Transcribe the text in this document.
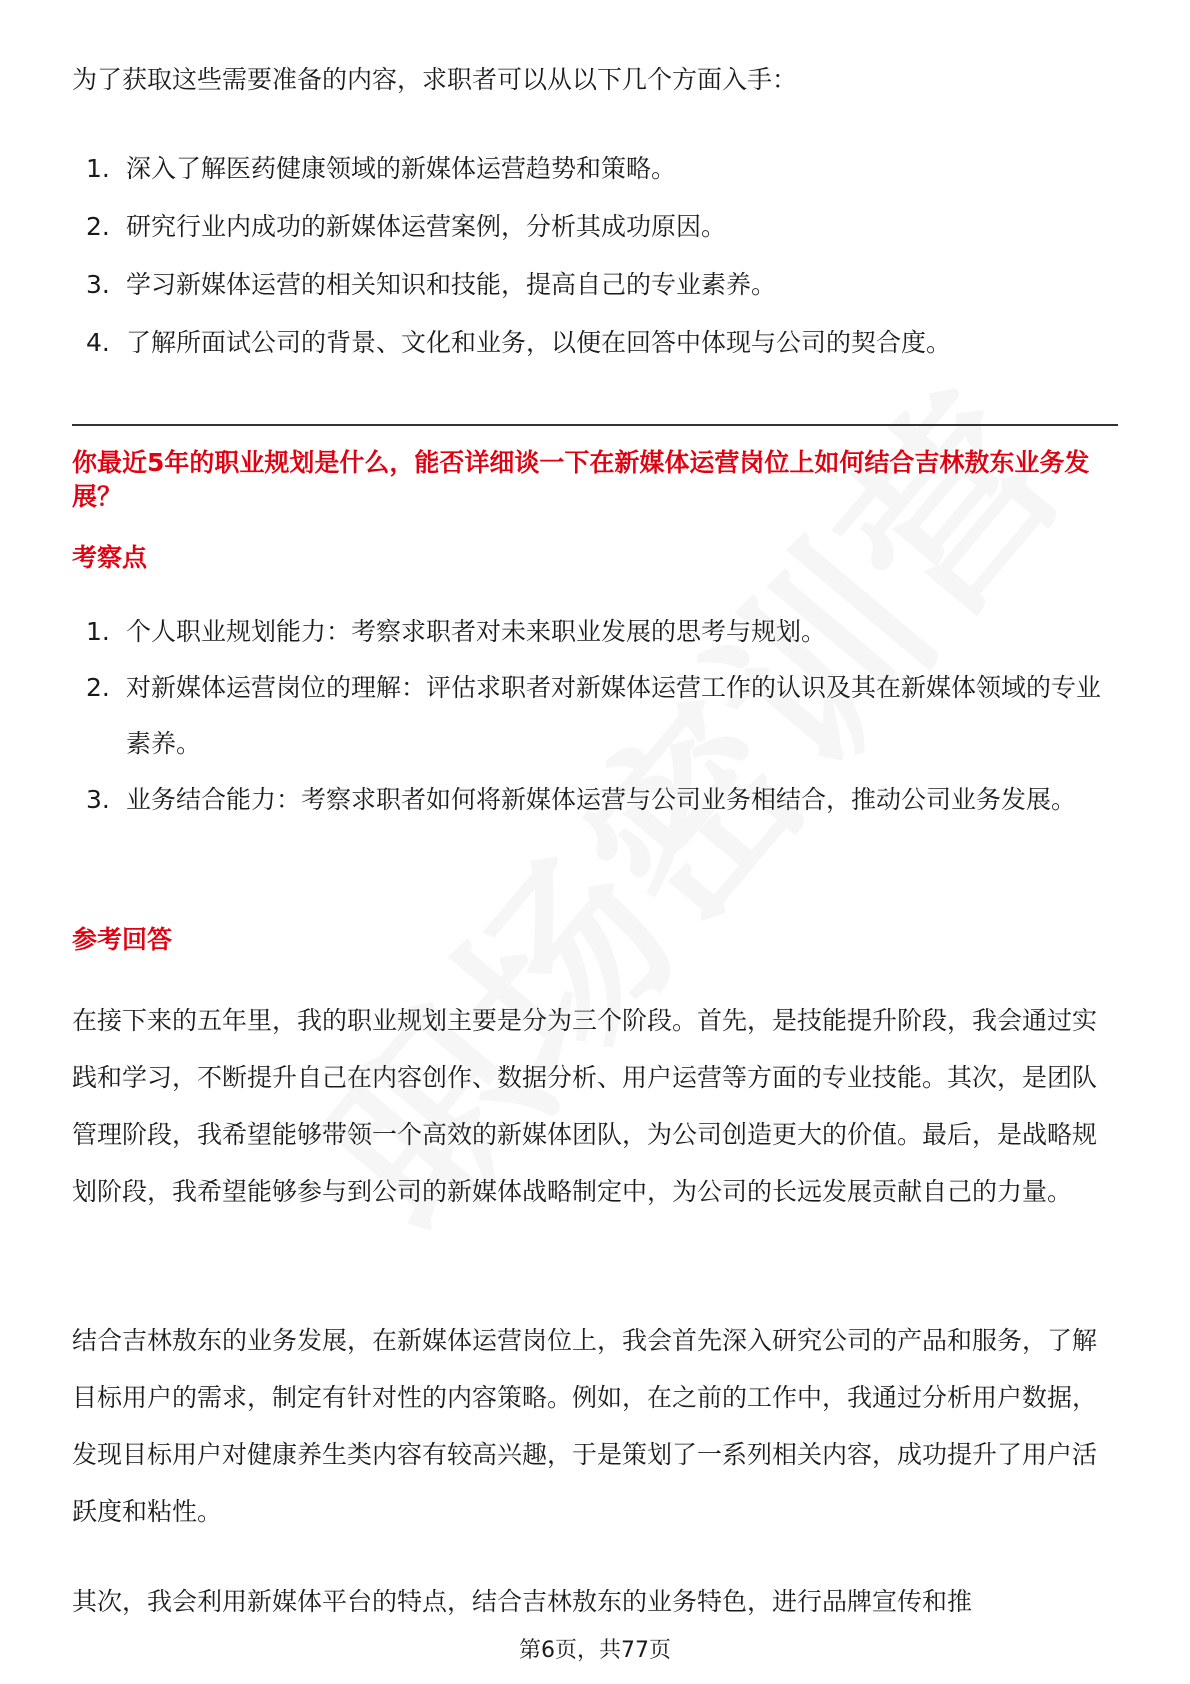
为了获取这些需要准备的内容，求职者可以从以下几个方面入手：
1. 深入了解医药健康领域的新媒体运营趋势和策略。
2. 研究行业内成功的新媒体运营案例，分析其成功原因。
3. 学习新媒体运营的相关知识和技能，提高自己的专业素养。
4. 了解所面试公司的背景、文化和业务，以便在回答中体现与公司的契合度。
你最近5年的职业规划是什么，能否详细谈一下在新媒体运营岗位上如何结合吉林敖东业务发展？
考察点
1. 个人职业规划能力：考察求职者对未来职业发展的思考与规划。
2. 对新媒体运营岗位的理解：评估求职者对新媒体运营工作的认识及其在新媒体领域的专业素养。
3. 业务结合能力：考察求职者如何将新媒体运营与公司业务相结合，推动公司业务发展。
参考回答

在接下来的五年里，我的职业规划主要是分为三个阶段。首先，是技能提升阶段，我会通过实践和学习，不断提升自己在内容创作、数据分析、用户运营等方面的专业技能。其次，是团队管理阶段，我希望能够带领一个高效的新媒体团队，为公司创造更大的价值。最后，是战略规划阶段，我希望能够参与到公司的新媒体战略制定中，为公司的长远发展贡献自己的力量。

结合吉林敖东的业务发展，在新媒体运营岗位上，我会首先深入研究公司的产品和服务，了解目标用户的需求，制定有针对性的内容策略。例如，在之前的工作中，我通过分析用户数据，发现目标用户对健康养生类内容有较高兴趣，于是策划了一系列相关内容，成功提升了用户活跃度和粘性。

其次，我会利用新媒体平台的特点，结合吉林敖东的业务特色，进行品牌宣传和推

第6页，共77页
